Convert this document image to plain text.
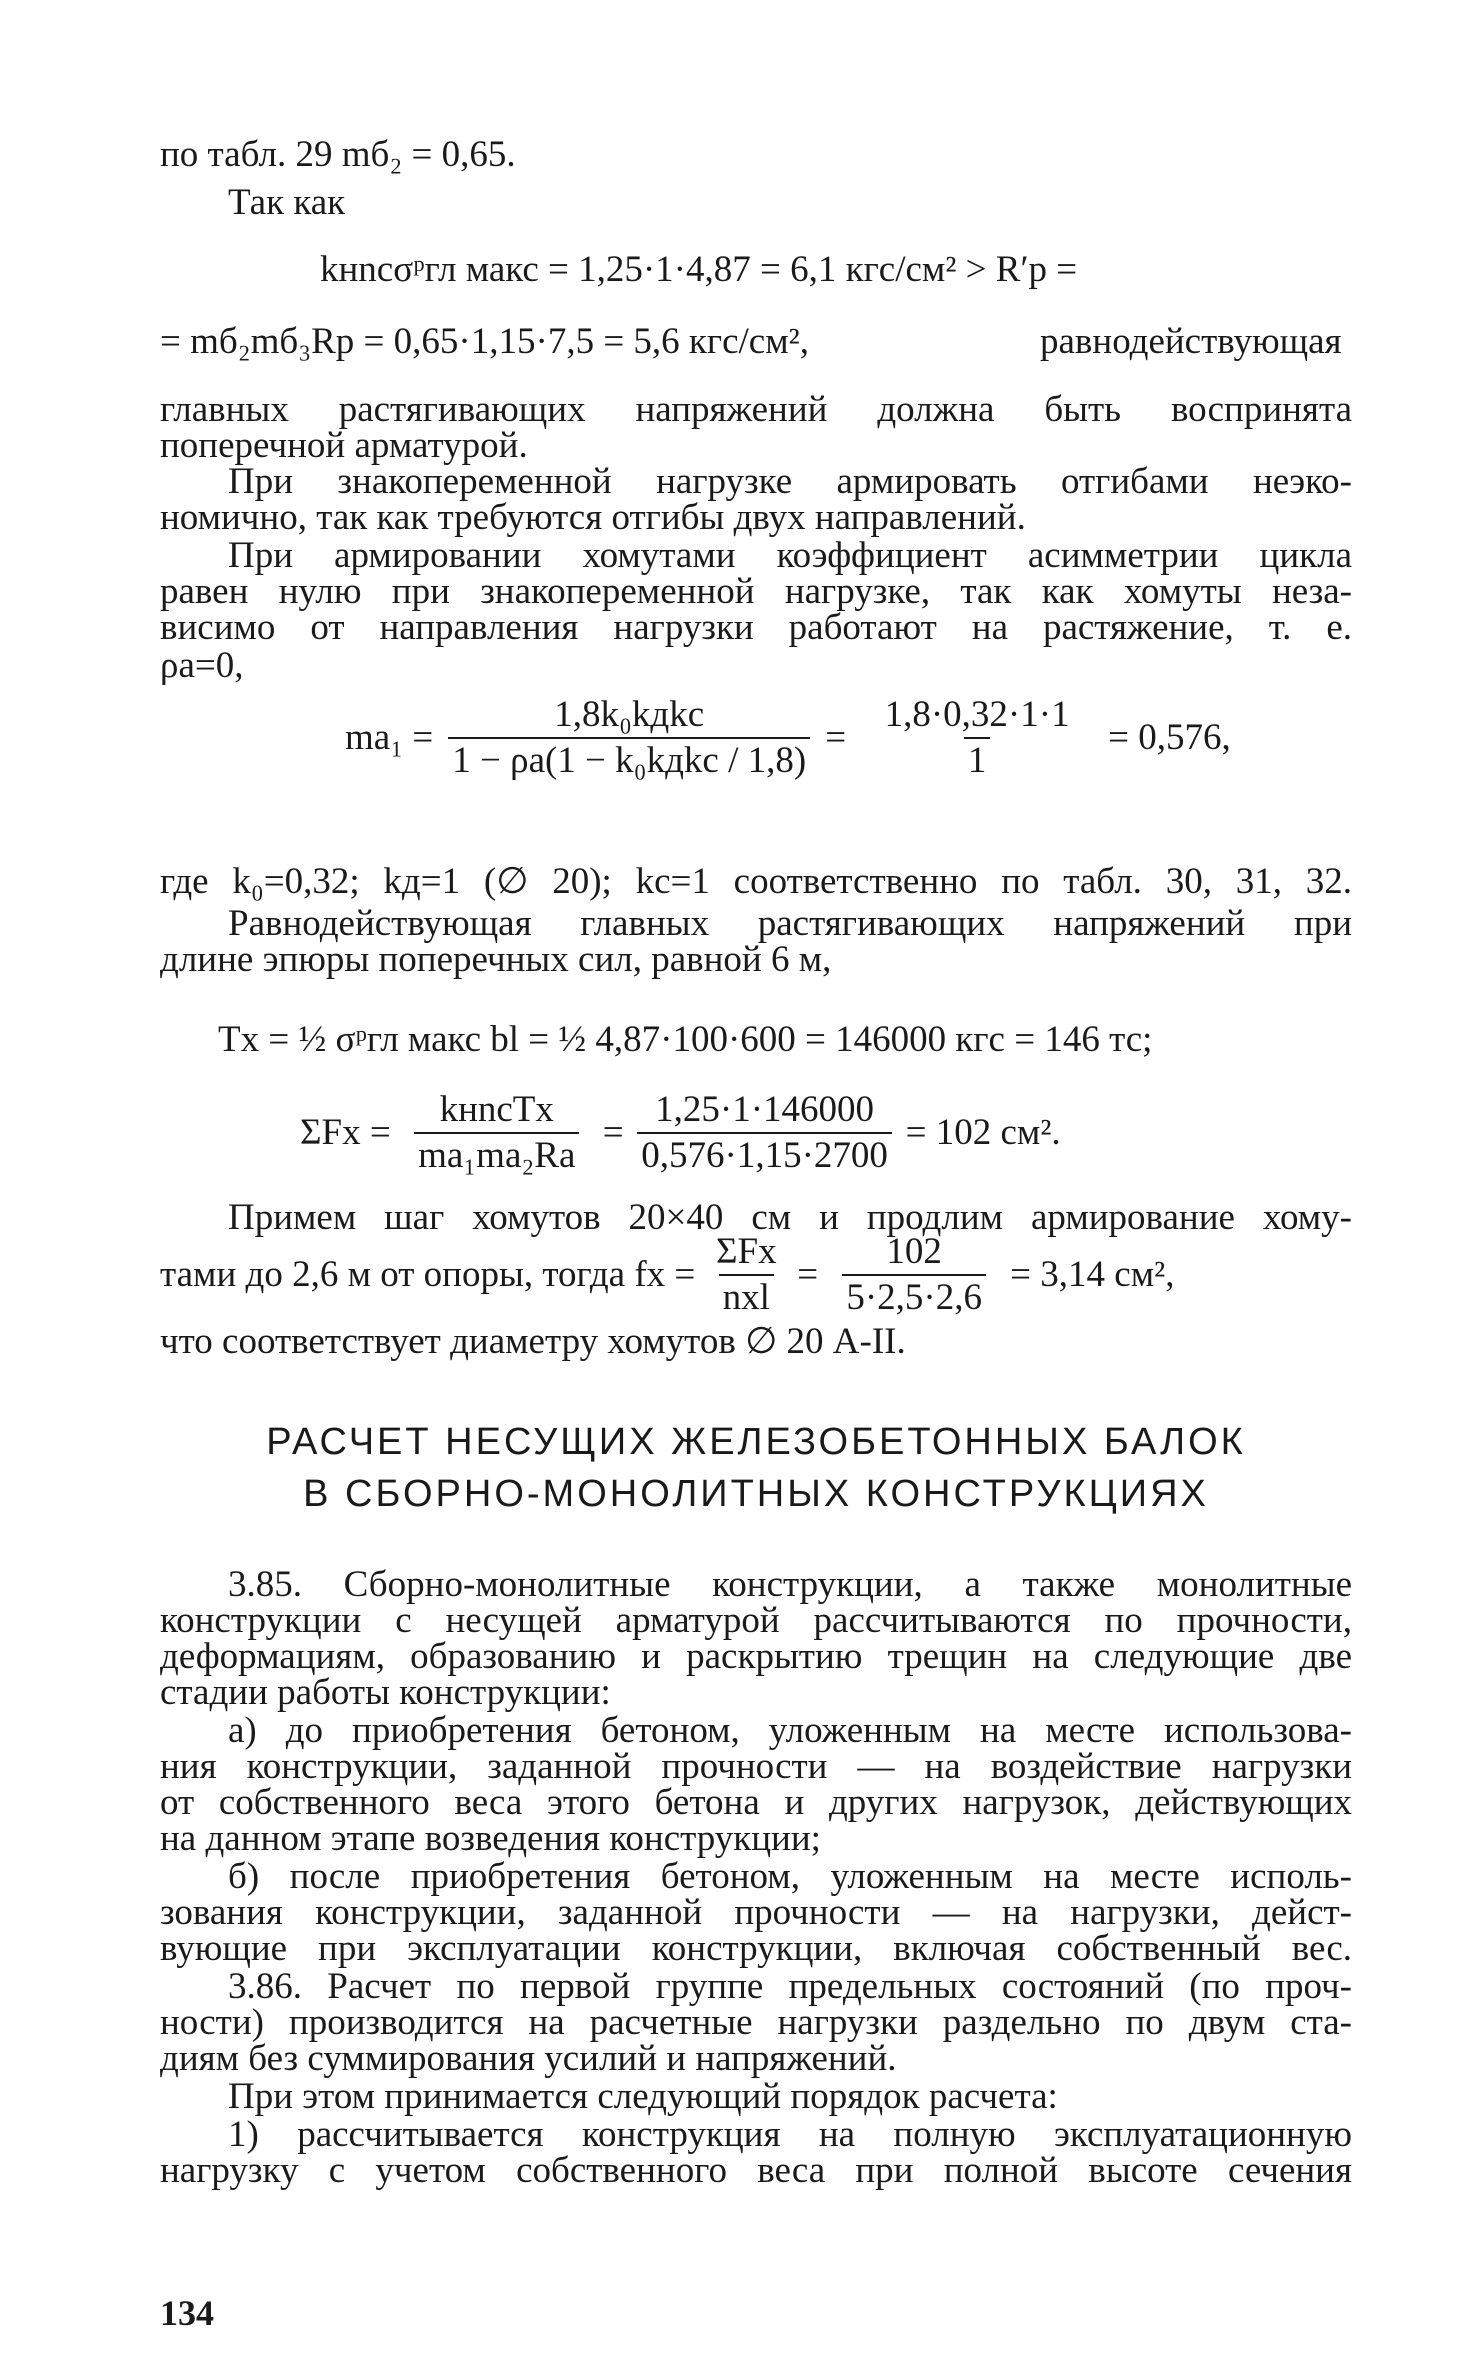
по табл. 29 mб₂ = 0,65.
Так как
kнncσᵖгл макс = 1,25·1·4,87 = 6,1 кгс/см² > R′р =
= mб₂mб₃Rр = 0,65·1,15·7,5 = 5,6 кгс/см²,	равнодействующая
главных растягивающих напряжений должна быть воспринята
поперечной арматурой.
При знакопеременной нагрузке армировать отгибами неэко-
номично, так как требуются отгибы двух направлений.
При армировании хомутами коэффициент асимметрии цикла
равен нулю при знакопеременной нагрузке, так как хомуты неза-
висимо от направления нагрузки работают на растяжение, т. е.
ρа=0,
$mа_1 = \frac{\text{1,8k₀kдkс}}{\text{1 − ρа(1 − k₀kдkс / 1,8)}} = \frac{1,8\cdot 0,32\cdot 1\cdot 1}{1} = 0,576$,
где k₀=0,32; kд=1 (∅ 20); kс=1 соответственно по табл. 30, 31, 32.
Равнодействующая главных растягивающих напряжений при
длине эпюры поперечных сил, равной 6 м,
Tх = ½ σᵖгл макс bl = ½ 4,87·100·600 = 146000 кгс = 146 тс;
$\Sigma Fх = \frac{\text{kнncTх}}{\text{mа₁mа₂Rа}} = \frac{1,25\cdot 1\cdot 146000}{0,576\cdot 1,15\cdot 2700} = 102$ см².
Примем шаг хомутов 20×40 см и продлим армирование хому-
тами до 2,6 м от опоры, тогда fх = $\frac{\text{ΣFх}}{\text{nхl}} = \frac{102}{5\cdot 2,5\cdot 2,6} = 3,14$ см²,
что соответствует диаметру хомутов ∅ 20 А-II.
РАСЧЕТ НЕСУЩИХ ЖЕЛЕЗОБЕТОННЫХ БАЛОК
В СБОРНО-МОНОЛИТНЫХ КОНСТРУКЦИЯХ
3.85. Сборно-монолитные конструкции, а также монолитные
конструкции с несущей арматурой рассчитываются по прочности,
деформациям, образованию и раскрытию трещин на следующие две
стадии работы конструкции:
а) до приобретения бетоном, уложенным на месте использова-
ния конструкции, заданной прочности — на воздействие нагрузки
от собственного веса этого бетона и других нагрузок, действующих
на данном этапе возведения конструкции;
б) после приобретения бетоном, уложенным на месте исполь-
зования конструкции, заданной прочности — на нагрузки, дейст-
вующие при эксплуатации конструкции, включая собственный вес.
3.86. Расчет по первой группе предельных состояний (по проч-
ности) производится на расчетные нагрузки раздельно по двум ста-
диям без суммирования усилий и напряжений.
При этом принимается следующий порядок расчета:
1) рассчитывается конструкция на полную эксплуатационную
нагрузку с учетом собственного веса при полной высоте сечения
134
